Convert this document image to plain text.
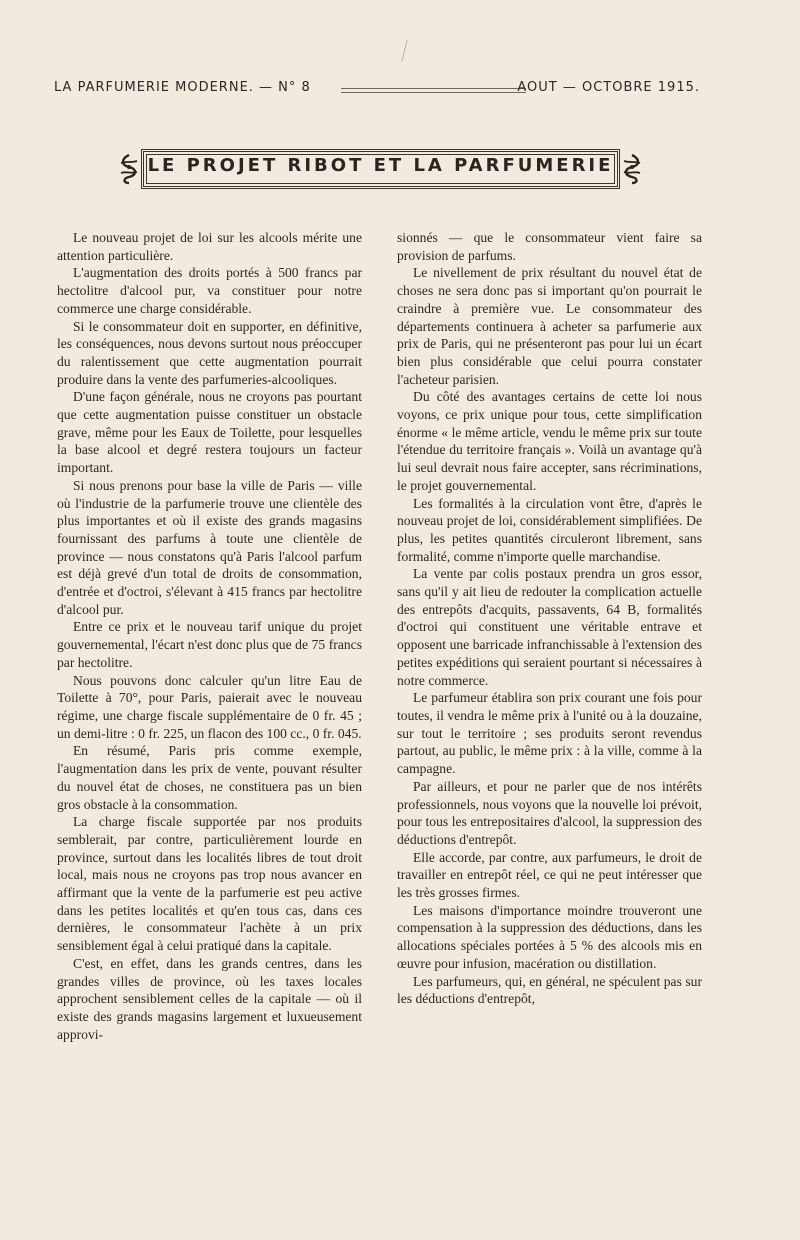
LA PARFUMERIE MODERNE. — N° 8	AOUT — OCTOBRE 1915.
LE PROJET RIBOT ET LA PARFUMERIE

Le nouveau projet de loi sur les alcools mérite une attention particulière.

L'augmentation des droits portés à 500 francs par hectolitre d'alcool pur, va constituer pour notre commerce une charge considérable.

Si le consommateur doit en supporter, en définitive, les conséquences, nous devons surtout nous préoccuper du ralentissement que cette augmentation pourrait produire dans la vente des parfumeries-alcooliques.

D'une façon générale, nous ne croyons pas pourtant que cette augmentation puisse constituer un obstacle grave, même pour les Eaux de Toilette, pour lesquelles la base alcool et degré restera toujours un facteur important.

Si nous prenons pour base la ville de Paris — ville où l'industrie de la parfumerie trouve une clientèle des plus importantes et où il existe des grands magasins fournissant des parfums à toute une clientèle de province — nous constatons qu'à Paris l'alcool parfum est déjà grevé d'un total de droits de consommation, d'entrée et d'octroi, s'élevant à 415 francs par hectolitre d'alcool pur.

Entre ce prix et le nouveau tarif unique du projet gouvernemental, l'écart n'est donc plus que de 75 francs par hectolitre.

Nous pouvons donc calculer qu'un litre Eau de Toilette à 70°, pour Paris, paierait avec le nouveau régime, une charge fiscale supplémentaire de 0 fr. 45 ; un demi-litre : 0 fr. 225, un flacon des 100 cc., 0 fr. 045.

En résumé, Paris pris comme exemple, l'augmentation dans les prix de vente, pouvant résulter du nouvel état de choses, ne constituera pas un bien gros obstacle à la consommation.

La charge fiscale supportée par nos produits semblerait, par contre, particulièrement lourde en province, surtout dans les localités libres de tout droit local, mais nous ne croyons pas trop nous avancer en affirmant que la vente de la parfumerie est peu active dans les petites localités et qu'en tous cas, dans ces dernières, le consommateur l'achète à un prix sensiblement égal à celui pratiqué dans la capitale.

C'est, en effet, dans les grands centres, dans les grandes villes de province, où les taxes locales approchent sensiblement celles de la capitale — où il existe des grands magasins largement et luxueusement approvi-

sionnés — que le consommateur vient faire sa provision de parfums.

Le nivellement de prix résultant du nouvel état de choses ne sera donc pas si important qu'on pourrait le craindre à première vue. Le consommateur des départements continuera à acheter sa parfumerie aux prix de Paris, qui ne présenteront pas pour lui un écart bien plus considérable que celui pourra constater l'acheteur parisien.

Du côté des avantages certains de cette loi nous voyons, ce prix unique pour tous, cette simplification énorme « le même article, vendu le même prix sur toute l'étendue du territoire français ». Voilà un avantage qu'à lui seul devrait nous faire accepter, sans récriminations, le projet gouvernemental.

Les formalités à la circulation vont être, d'après le nouveau projet de loi, considérablement simplifiées. De plus, les petites quantités circuleront librement, sans formalité, comme n'importe quelle marchandise.

La vente par colis postaux prendra un gros essor, sans qu'il y ait lieu de redouter la complication actuelle des entrepôts d'acquits, passavents, 64 B, formalités d'octroi qui constituent une véritable entrave et opposent une barricade infranchissable à l'extension des petites expéditions qui seraient pourtant si nécessaires à notre commerce.

Le parfumeur établira son prix courant une fois pour toutes, il vendra le même prix à l'unité ou à la douzaine, sur tout le territoire ; ses produits seront revendus partout, au public, le même prix : à la ville, comme à la campagne.

Par ailleurs, et pour ne parler que de nos intérêts professionnels, nous voyons que la nouvelle loi prévoit, pour tous les entrepositaires d'alcool, la suppression des déductions d'entrepôt.

Elle accorde, par contre, aux parfumeurs, le droit de travailler en entrepôt réel, ce qui ne peut intéresser que les très grosses firmes.

Les maisons d'importance moindre trouveront une compensation à la suppression des déductions, dans les allocations spéciales portées à 5 % des alcools mis en œuvre pour infusion, macération ou distillation.

Les parfumeurs, qui, en général, ne spéculent pas sur les déductions d'entrepôt,
